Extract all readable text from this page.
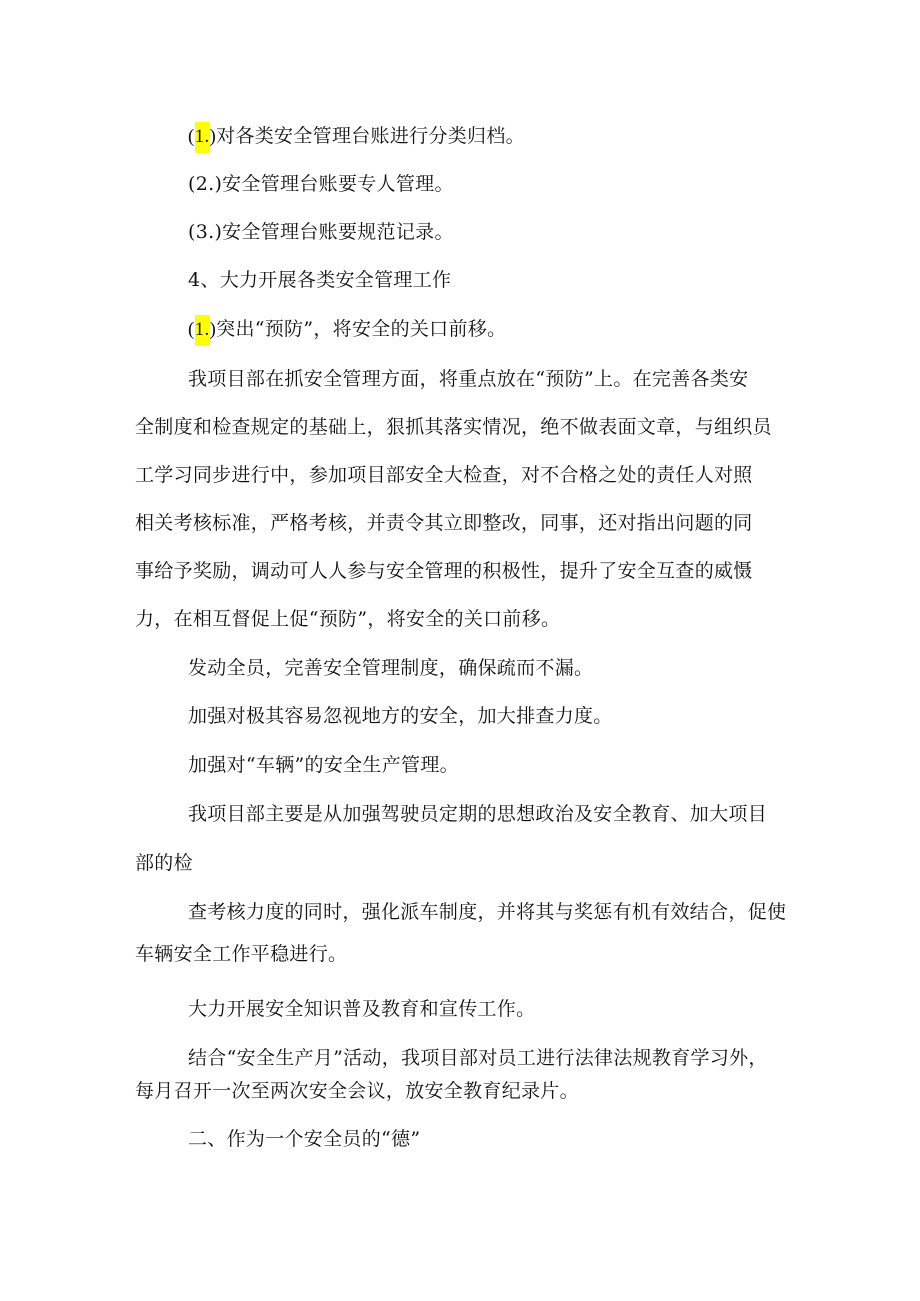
(1.)对各类安全管理台账进行分类归档。
(2.)安全管理台账要专人管理。
(3.)安全管理台账要规范记录。
4、大力开展各类安全管理工作
(1.)突出“预防”，将安全的关口前移。
我项目部在抓安全管理方面，将重点放在“预防”上。在完善各类安
全制度和检查规定的基础上，狠抓其落实情况，绝不做表面文章，与组织员
工学习同步进行中，参加项目部安全大检查，对不合格之处的责任人对照
相关考核标准，严格考核，并责令其立即整改，同事，还对指出问题的同
事给予奖励，调动可人人参与安全管理的积极性，提升了安全互查的威慑
力，在相互督促上促“预防”，将安全的关口前移。
发动全员，完善安全管理制度，确保疏而不漏。
加强对极其容易忽视地方的安全，加大排查力度。
加强对“车辆”的安全生产管理。
我项目部主要是从加强驾驶员定期的思想政治及安全教育、加大项目
部的检
查考核力度的同时，强化派车制度，并将其与奖惩有机有效结合，促使
车辆安全工作平稳进行。
大力开展安全知识普及教育和宣传工作。
结合“安全生产月”活动，我项目部对员工进行法律法规教育学习外，
每月召开一次至两次安全会议，放安全教育纪录片。
二、作为一个安全员的“德”
